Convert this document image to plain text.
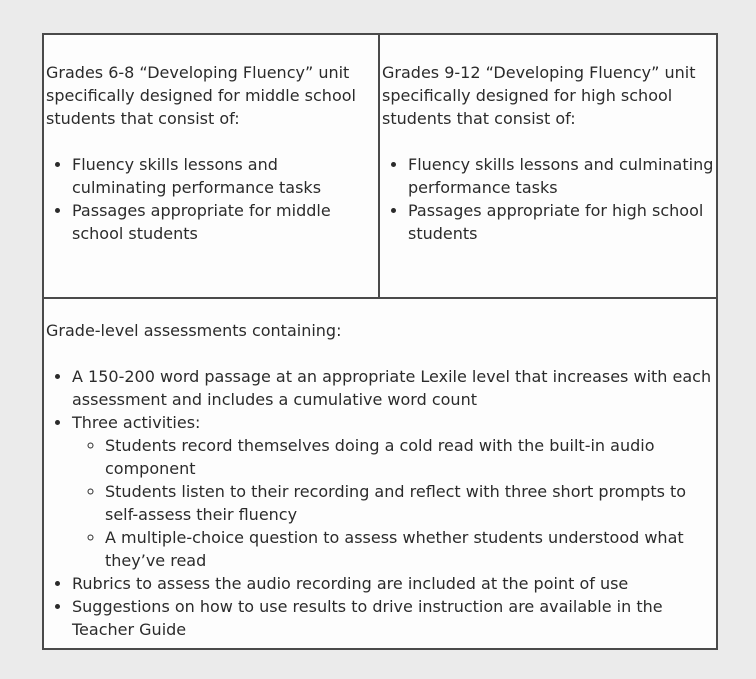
Grades 6-8 “Developing Fluency” unit specifically designed for middle school students that consist of:

• Fluency skills lessons and culminating performance tasks
• Passages appropriate for middle school students

Grades 9-12 “Developing Fluency” unit specifically designed for high school students that consist of:

• Fluency skills lessons and culminating performance tasks
• Passages appropriate for high school students

Grade-level assessments containing:

• A 150-200 word passage at an appropriate Lexile level that increases with each assessment and includes a cumulative word count
• Three activities:
◦ Students record themselves doing a cold read with the built-in audio component
◦ Students listen to their recording and reflect with three short prompts to self-assess their fluency
◦ A multiple-choice question to assess whether students understood what they’ve read
• Rubrics to assess the audio recording are included at the point of use
• Suggestions on how to use results to drive instruction are available in the Teacher Guide
